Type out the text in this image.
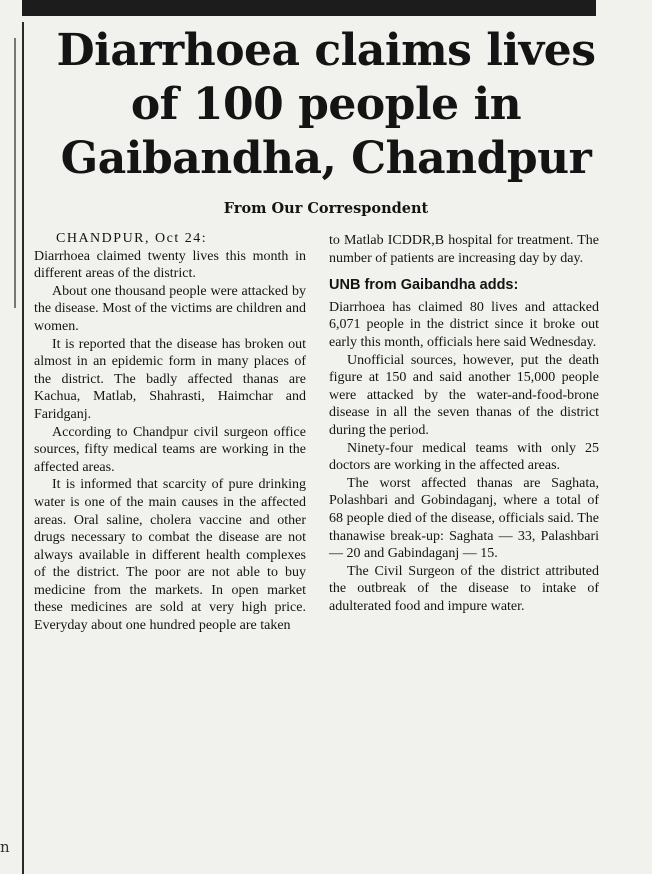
n
Diarrhoea claims lives
of 100 people in
Gaibandha, Chandpur
From Our Correspondent

CHANDPUR, Oct 24:

Diarrhoea claimed twenty lives this month in different areas of the district.

About one thousand people were attacked by the disease. Most of the victims are children and women.

It is reported that the disease has broken out almost in an epidemic form in many places of the district. The badly affected thanas are Kachua, Matlab, Shahrasti, Haimchar and Faridganj.

According to Chandpur civil surgeon office sources, fifty medical teams are working in the affected areas.

It is informed that scarcity of pure drinking water is one of the main causes in the affected areas. Oral saline, cholera vaccine and other drugs necessary to combat the disease are not always available in different health complexes of the district. The poor are not able to buy medicine from the markets. In open market these medicines are sold at very high price. Everyday about one hundred people are taken

to Matlab ICDDR,B hospital for treatment. The number of patients are increasing day by day.

UNB from Gaibandha adds:

Diarrhoea has claimed 80 lives and attacked 6,071 people in the district since it broke out early this month, officials here said Wednesday.

Unofficial sources, however, put the death figure at 150 and said another 15,000 people were attacked by the water-and-food-brone disease in all the seven thanas of the district during the period.

Ninety-four medical teams with only 25 doctors are working in the affected areas.

The worst affected thanas are Saghata, Polashbari and Gobindaganj, where a total of 68 people died of the disease, officials said. The thanawise break-up: Saghata — 33, Palashbari — 20 and Gabindaganj — 15.

The Civil Surgeon of the district attributed the outbreak of the disease to intake of adulterated food and impure water.
